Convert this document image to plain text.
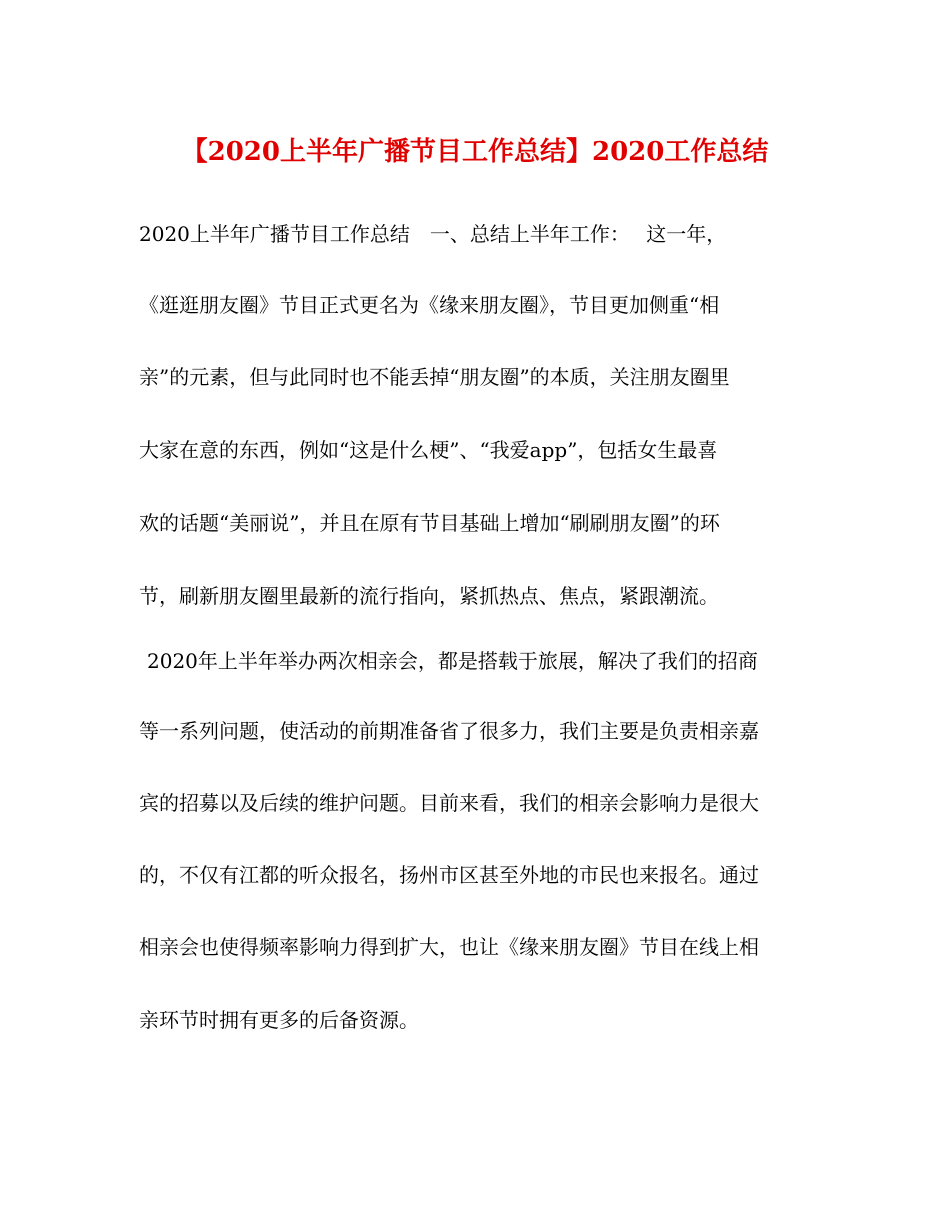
【2020上半年广播节目工作总结】2020工作总结
2020上半年广播节目工作总结　一、总结上半年工作：　 这一年，
《逛逛朋友圈》节目正式更名为《缘来朋友圈》，节目更加侧重“相
亲”的元素，但与此同时也不能丢掉“朋友圈”的本质，关注朋友圈里
大家在意的东西，例如“这是什么梗”、“我爱app”，包括女生最喜
欢的话题“美丽说”，并且在原有节目基础上增加“刷刷朋友圈”的环
节，刷新朋友圈里最新的流行指向，紧抓热点、焦点，紧跟潮流。
2020年上半年举办两次相亲会，都是搭载于旅展，解决了我们的招商
等一系列问题，使活动的前期准备省了很多力，我们主要是负责相亲嘉
宾的招募以及后续的维护问题。目前来看，我们的相亲会影响力是很大
的，不仅有江都的听众报名，扬州市区甚至外地的市民也来报名。通过
相亲会也使得频率影响力得到扩大，也让《缘来朋友圈》节目在线上相
亲环节时拥有更多的后备资源。
